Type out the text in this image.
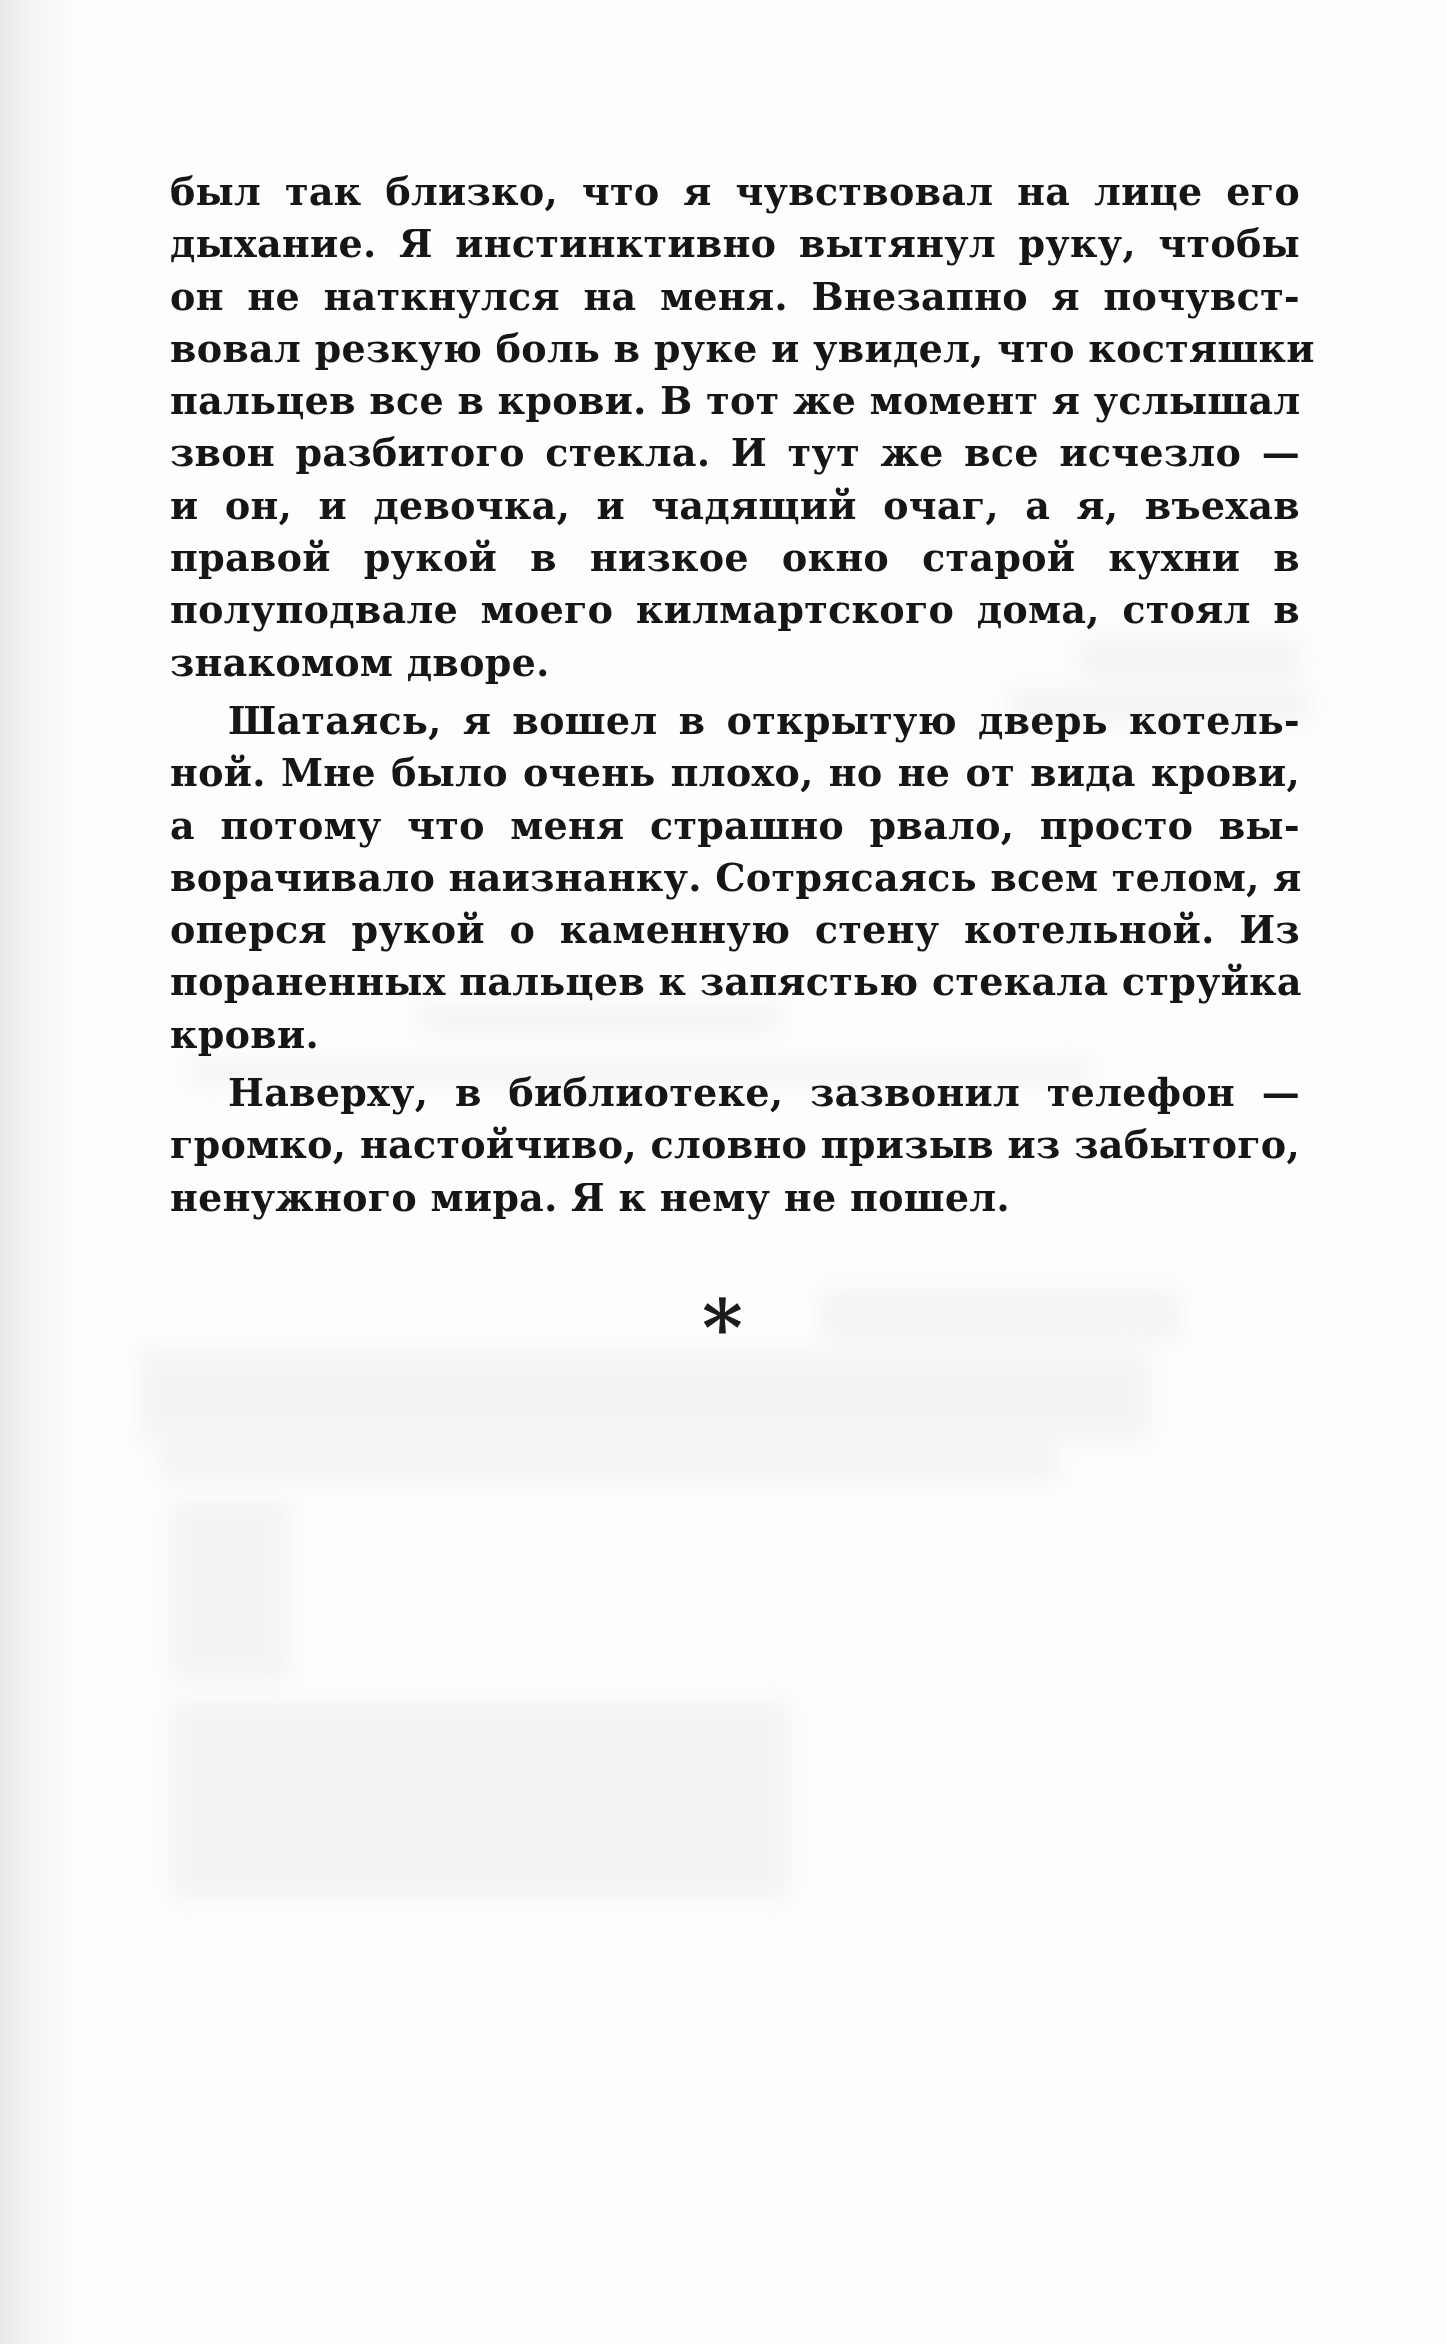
был так близко, что я чувствовал на лице его
дыхание. Я инстинктивно вытянул руку, чтобы
он не наткнулся на меня. Внезапно я почувст-
вовал резкую боль в руке и увидел, что костяшки
пальцев все в крови. В тот же момент я услышал
звон разбитого стекла. И тут же все исчезло —
и он, и девочка, и чадящий очаг, а я, въехав
правой рукой в низкое окно старой кухни в
полуподвале моего килмартского дома, стоял в
знакомом дворе.

Шатаясь, я вошел в открытую дверь котель-
ной. Мне было очень плохо, но не от вида крови,
а потому что меня страшно рвало, просто вы-
ворачивало наизнанку. Сотрясаясь всем телом, я
оперся рукой о каменную стену котельной. Из
пораненных пальцев к запястью стекала струйка
крови.

Наверху, в библиотеке, зазвонил телефон —
громко, настойчиво, словно призыв из забытого,
ненужного мира. Я к нему не пошел.

*
